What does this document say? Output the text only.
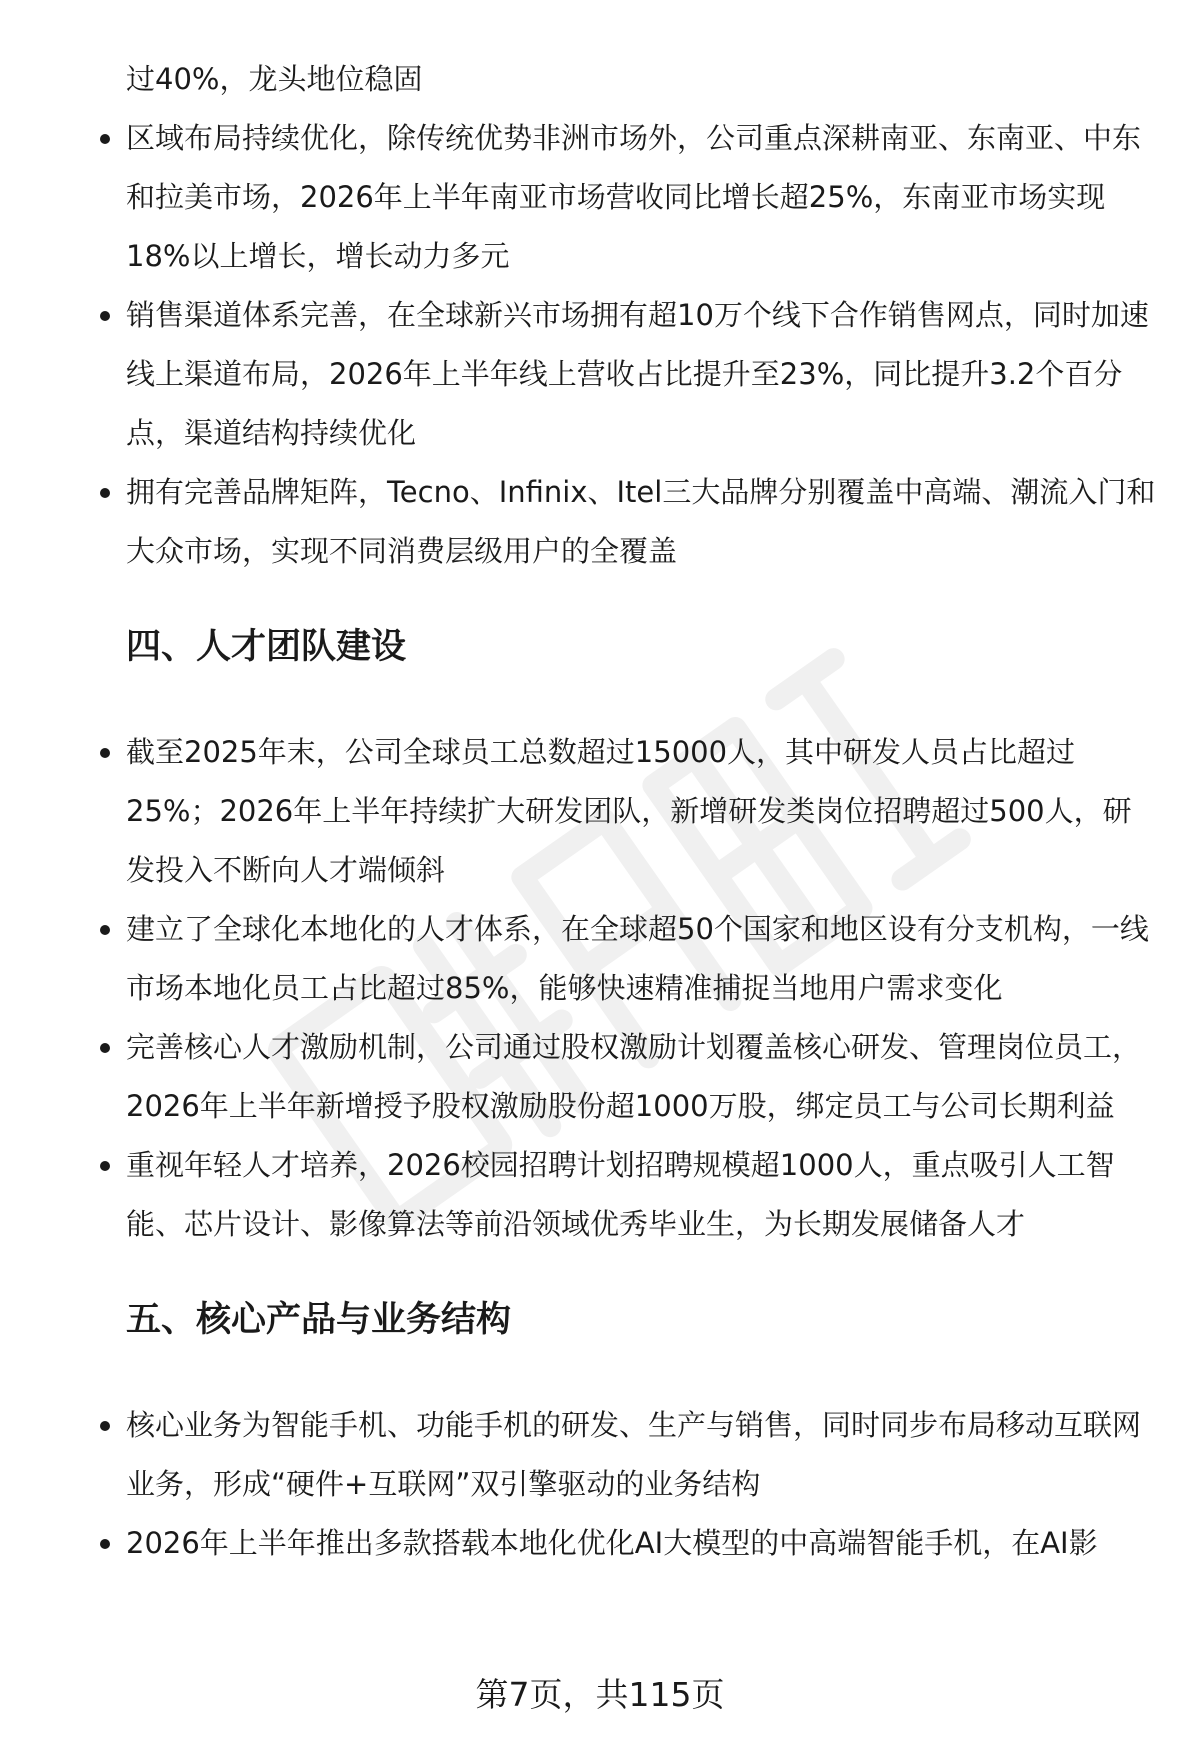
过40%，龙头地位稳固

区域布局持续优化，除传统优势非洲市场外，公司重点深耕南亚、东南亚、中东和拉美市场，2026年上半年南亚市场营收同比增长超25%，东南亚市场实现18%以上增长，增长动力多元
销售渠道体系完善，在全球新兴市场拥有超10万个线下合作销售网点，同时加速线上渠道布局，2026年上半年线上营收占比提升至23%，同比提升3.2个百分点，渠道结构持续优化
拥有完善品牌矩阵，Tecno、Infinix、Itel三大品牌分别覆盖中高端、潮流入门和大众市场，实现不同消费层级用户的全覆盖
四、人才团队建设
截至2025年末，公司全球员工总数超过15000人，其中研发人员占比超过25%；2026年上半年持续扩大研发团队，新增研发类岗位招聘超过500人，研发投入不断向人才端倾斜
建立了全球化本地化的人才体系，在全球超50个国家和地区设有分支机构，一线市场本地化员工占比超过85%，能够快速精准捕捉当地用户需求变化
完善核心人才激励机制，公司通过股权激励计划覆盖核心研发、管理岗位员工，2026年上半年新增授予股权激励股份超1000万股，绑定员工与公司长期利益
重视年轻人才培养，2026校园招聘计划招聘规模超1000人，重点吸引人工智能、芯片设计、影像算法等前沿领域优秀毕业生，为长期发展储备人才
五、核心产品与业务结构
核心业务为智能手机、功能手机的研发、生产与销售，同时同步布局移动互联网业务，形成“硬件+互联网”双引擎驱动的业务结构
2026年上半年推出多款搭载本地化优化AI大模型的中高端智能手机，在AI影
第7页，共115页
